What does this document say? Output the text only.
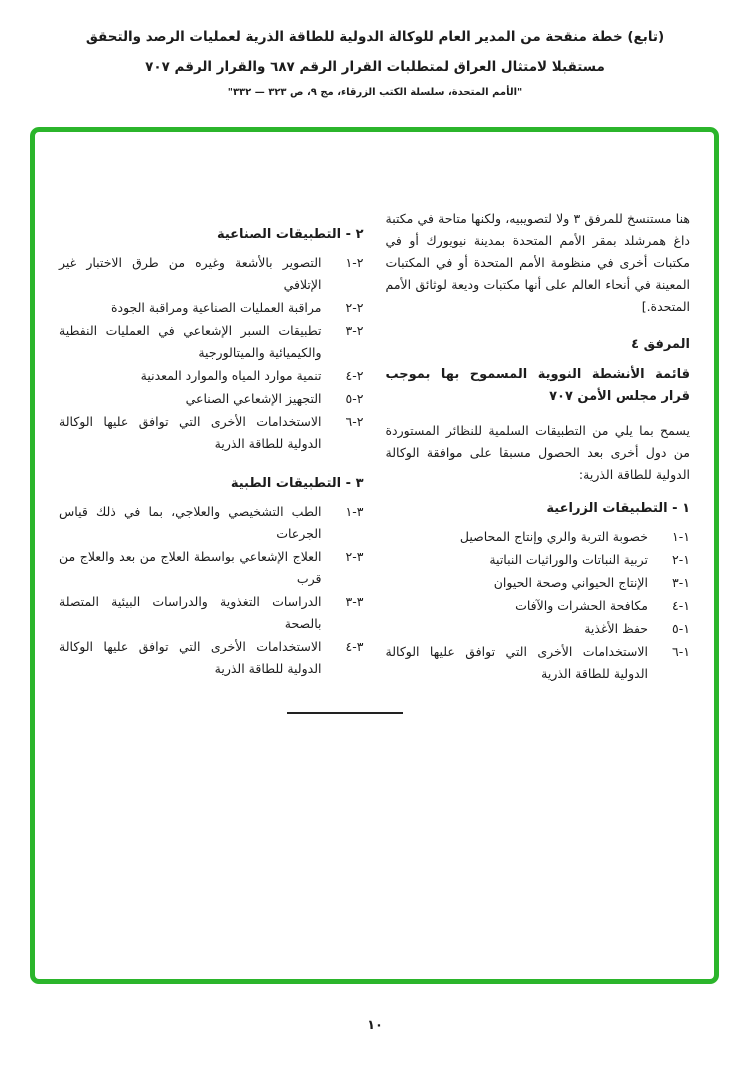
(تابع) خطة منقحة من المدير العام للوكالة الدولية للطاقة الذرية لعمليات الرصد والتحقق
مستقبلا لامتثال العراق لمتطلبات القرار الرقم ٦٨٧ والقرار الرقم ٧٠٧
"الأمم المتحدة، سلسلة الكتب الزرقاء، مج ٩، ص ٣٢٣ — ٣٣٢"

هنا مستنسخ للمرفق ٣ ولا لتصويبيه، ولكنها متاحة في مكتبة داغ همرشلد بمقر الأمم المتحدة بمدينة نيويورك أو في مكتبات أخرى في منظومة الأمم المتحدة أو في المكتبات المعينة في أنحاء العالم على أنها مكتبات وديعة لوثائق الأمم المتحدة.]

المرفق ٤
قائمة الأنشطة النووية المسموح بها بموجب قرار مجلس الأمن ٧٠٧

يسمح بما يلي من التطبيقات السلمية للنظائر المستوردة من دول أخرى بعد الحصول مسبقا على موافقة الوكالة الدولية للطاقة الذرية:

١ - التطبيقات الزراعية
١-١
خصوبة التربة والري وإنتاج المحاصيل
١-٢
تربية النباتات والوراثيات النباتية
١-٣
الإنتاج الحيواني وصحة الحيوان
١-٤
مكافحة الحشرات والآفات
١-٥
حفظ الأغذية
١-٦
الاستخدامات الأخرى التي توافق عليها الوكالة الدولية للطاقة الذرية
٢ - التطبيقات الصناعية
٢-١
التصوير بالأشعة وغيره من طرق الاختبار غير الإتلافي
٢-٢
مراقبة العمليات الصناعية ومراقبة الجودة
٢-٣
تطبيقات السبر الإشعاعي في العمليات النفطية والكيميائية والميتالورجية
٢-٤
تنمية موارد المياه والموارد المعدنية
٢-٥
التجهيز الإشعاعي الصناعي
٢-٦
الاستخدامات الأخرى التي توافق عليها الوكالة الدولية للطاقة الذرية
٣ - التطبيقات الطبية
٣-١
الطب التشخيصي والعلاجي، بما في ذلك قياس الجرعات
٣-٢
العلاج الإشعاعي بواسطة العلاج من بعد والعلاج من قرب
٣-٣
الدراسات التغذوية والدراسات البيئية المتصلة بالصحة
٣-٤
الاستخدامات الأخرى التي توافق عليها الوكالة الدولية للطاقة الذرية
١٠
